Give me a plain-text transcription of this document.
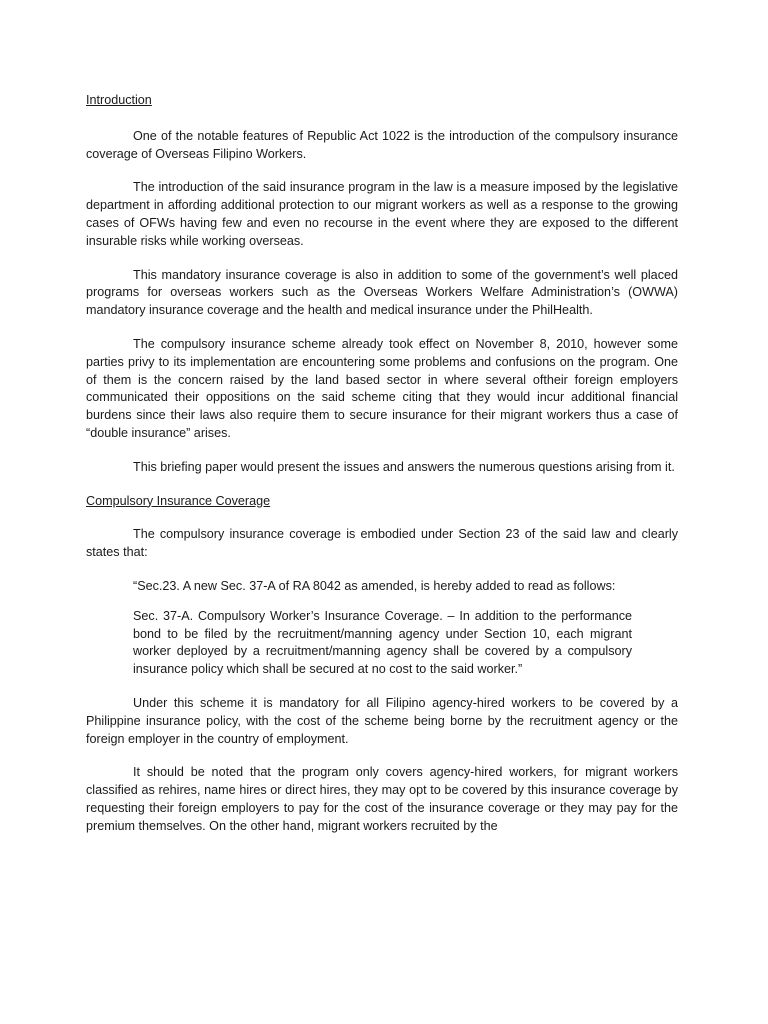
Introduction

One of the notable features of Republic Act 1022 is the introduction of the compulsory insurance coverage of Overseas Filipino Workers.

The introduction of the said insurance program in the law is a measure imposed by the legislative department in affording additional protection to our migrant workers as well as a response to the growing cases of OFWs having few and even no recourse in the event where they are exposed to the different insurable risks while working overseas.

This mandatory insurance coverage is also in addition to some of the government’s well placed programs for overseas workers such as the Overseas Workers Welfare Administration’s (OWWA) mandatory insurance coverage and the health and medical insurance under the PhilHealth.

The compulsory insurance scheme already took effect on November 8, 2010, however some parties privy to its implementation are encountering some problems and confusions on the program. One of them is the concern raised by the land based sector in where several oftheir foreign employers communicated their oppositions on the said scheme citing that they would incur additional financial burdens since their laws also require them to secure insurance for their migrant workers thus a case of “double insurance” arises.

This briefing paper would present the issues and answers the numerous questions arising from it.

Compulsory Insurance Coverage

The compulsory insurance coverage is embodied under Section 23 of the said law and clearly states that:

“Sec.23. A new Sec. 37-A of RA 8042 as amended, is hereby added to read as follows:

Sec. 37-A. Compulsory Worker’s Insurance Coverage. – In addition to the performance bond to be filed by the recruitment/manning agency under Section 10, each migrant worker deployed by a recruitment/manning agency shall be covered by a compulsory insurance policy which shall be secured at no cost to the said worker.”

Under this scheme it is mandatory for all Filipino agency-hired workers to be covered by a Philippine insurance policy, with the cost of the scheme being borne by the recruitment agency or the foreign employer in the country of employment.

It should be noted that the program only covers agency-hired workers, for migrant workers classified as rehires, name hires or direct hires, they may opt to be covered by this insurance coverage by requesting their foreign employers to pay for the cost of the insurance coverage or they may pay for the premium themselves. On the other hand, migrant workers recruited by the
